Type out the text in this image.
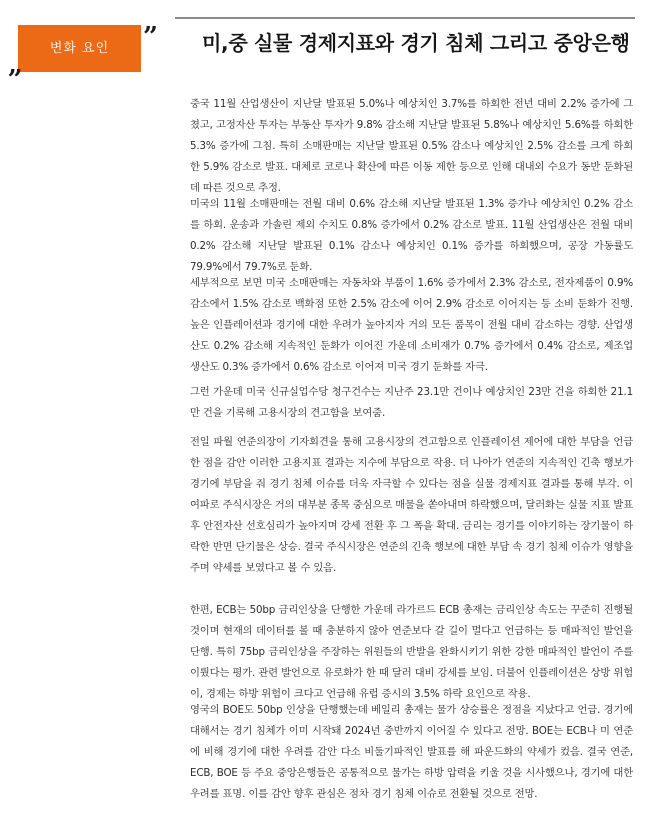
변화 요인
„
” 미,중 실물 경제지표와 경기 침체 그리고 중앙은행

중국 11월 산업생산이 지난달 발표된 5.0%나 예상치인 3.7%를 하회한 전년 대비 2.2% 증가에 그쳤고, 고정자산 투자는 부동산 투자가 9.8% 감소해 지난달 발표된 5.8%나 예상치인 5.6%를 하회한 5.3% 증가에 그침. 특히 소매판매는 지난달 발표된 0.5% 감소나 예상치인 2.5% 감소를 크게 하회한 5.9% 감소로 발표. 대체로 코로나 확산에 따른 이동 제한 등으로 인해 대내외 수요가 동반 둔화된 데 따른 것으로 추정.

미국의 11월 소매판매는 전월 대비 0.6% 감소해 지난달 발표된 1.3% 증가나 예상치인 0.2% 감소를 하회. 운송과 가솔린 제외 수치도 0.8% 증가에서 0.2% 감소로 발표. 11월 산업생산은 전월 대비 0.2% 감소해 지난달 발표된 0.1% 감소나 예상치인 0.1% 증가를 하회했으며, 공장 가동률도 79.9%에서 79.7%로 둔화.

세부적으로 보면 미국 소매판매는 자동차와 부품이 1.6% 증가에서 2.3% 감소로, 전자제품이 0.9% 감소에서 1.5% 감소로 백화점 또한 2.5% 감소에 이어 2.9% 감소로 이어지는 등 소비 둔화가 진행. 높은 인플레이션과 경기에 대한 우려가 높아지자 거의 모든 품목이 전월 대비 감소하는 경향. 산업생산도 0.2% 감소해 지속적인 둔화가 이어진 가운데 소비재가 0.7% 증가에서 0.4% 감소로, 제조업 생산도 0.3% 증가에서 0.6% 감소로 이어져 미국 경기 둔화를 자극.

그런 가운데 미국 신규실업수당 청구건수는 지난주 23.1만 건이나 예상치인 23만 건을 하회한 21.1만 건을 기록해 고용시장의 견고함을 보여줌.

전일 파월 연준의장이 기자회견을 통해 고용시장의 견고함으로 인플레이션 제어에 대한 부담을 언급한 점을 감안 이러한 고용지표 결과는 지수에 부담으로 작용. 더 나아가 연준의 지속적인 긴축 행보가 경기에 부담을 줘 경기 침체 이슈를 더욱 자극할 수 있다는 점을 실물 경제지표 결과를 통해 부각. 이 여파로 주식시장은 거의 대부분 종목 중심으로 매물을 쏟아내며 하락했으며, 달러화는 실물 지표 발표 후 안전자산 선호심리가 높아지며 강세 전환 후 그 폭을 확대. 금리는 경기를 이야기하는 장기물이 하락한 반면 단기물은 상승. 결국 주식시장은 연준의 긴축 행보에 대한 부담 속 경기 침체 이슈가 영향을 주며 약세를 보였다고 볼 수 있음.

한편, ECB는 50bp 금리인상을 단행한 가운데 라가르드 ECB 총재는 금리인상 속도는 꾸준히 진행될 것이며 현재의 데이터를 볼 때 충분하지 않아 연준보다 갈 길이 멀다고 언급하는 등 매파적인 발언을 단행. 특히 75bp 금리인상을 주장하는 위원들의 반발을 완화시키기 위한 강한 매파적인 발언이 주를 이뤘다는 평가. 관련 발언으로 유로화가 한 때 달러 대비 강세를 보임. 더불어 인플레이션은 상방 위험이, 경제는 하방 위험이 크다고 언급해 유럽 증시의 3.5% 하락 요인으로 작용.

영국의 BOE도 50bp 인상을 단행했는데 베일리 총재는 물가 상승률은 정점을 지났다고 언급. 경기에 대해서는 경기 침체가 이미 시작돼 2024년 중반까지 이어질 수 있다고 전망. BOE는 ECB나 미 연준에 비해 경기에 대한 우려를 감안 다소 비둘기파적인 발표를 해 파운드화의 약세가 컸음. 결국 연준, ECB, BOE 등 주요 중앙은행들은 공통적으로 물가는 하방 압력을 키울 것을 시사했으나, 경기에 대한 우려를 표명. 이를 감안 향후 관심은 점차 경기 침체 이슈로 전환될 것으로 전망.
